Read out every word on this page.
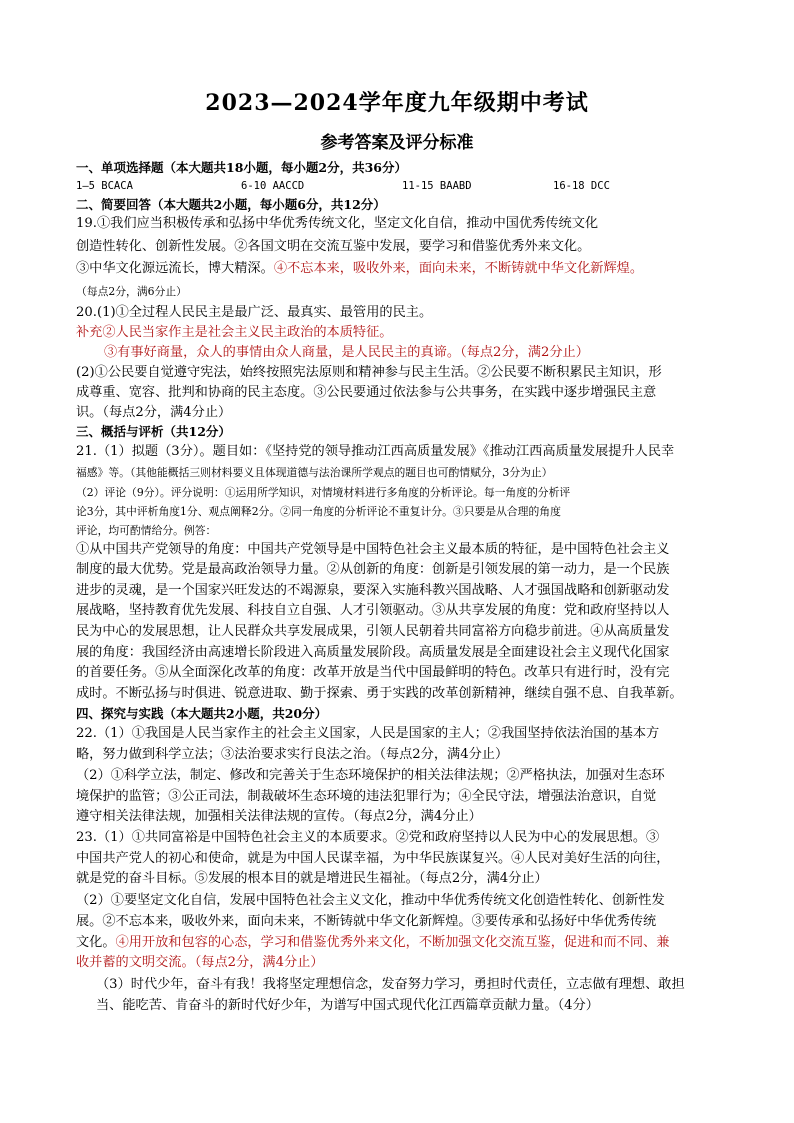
2023—2024学年度九年级期中考试
参考答案及评分标准
一、单项选择题（本大题共18小题，每小题2分，共36分）
1—5 BCACA	6-10 AACCD	11-15 BAABD	16-18 DCC
二、简要回答（本大题共2小题，每小题6分，共12分）
19.①我们应当积极传承和弘扬中华优秀传统文化，坚定文化自信，推动中国优秀传统文化
创造性转化、创新性发展。②各国文明在交流互鉴中发展，要学习和借鉴优秀外来文化。
③中华文化源远流长，博大精深。④不忘本来，吸收外来，面向未来，不断铸就中华文化新辉煌。
（每点2分，满6分止）
20.(1)①全过程人民民主是最广泛、最真实、最管用的民主。
补充②人民当家作主是社会主义民主政治的本质特征。
③有事好商量，众人的事情由众人商量，是人民民主的真谛。（每点2分，满2分止）
(2)①公民要自觉遵守宪法，始终按照宪法原则和精神参与民主生活。②公民要不断积累民主知识，形
成尊重、宽容、批判和协商的民主态度。③公民要通过依法参与公共事务，在实践中逐步增强民主意
识。（每点2分，满4分止）
三、概括与评析（共12分）
21.（1）拟题（3分）。题目如：《坚持党的领导推动江西高质量发展》《推动江西高质量发展提升人民幸
福感》等。（其他能概括三则材料要义且体现道德与法治课所学观点的题目也可酌情赋分，3分为止）
（2）评论（9分）。评分说明：①运用所学知识，对情境材料进行多角度的分析评论。每一角度的分析评
论3分，其中评析角度1分、观点阐释2分。②同一角度的分析评论不重复计分。③只要是从合理的角度
评论，均可酌情给分。例答：
①从中国共产党领导的角度：中国共产党领导是中国特色社会主义最本质的特征，是中国特色社会主义
制度的最大优势。党是最高政治领导力量。②从创新的角度：创新是引领发展的第一动力，是一个民族
进步的灵魂，是一个国家兴旺发达的不竭源泉，要深入实施科教兴国战略、人才强国战略和创新驱动发
展战略，坚持教育优先发展、科技自立自强、人才引领驱动。③从共享发展的角度：党和政府坚持以人
民为中心的发展思想，让人民群众共享发展成果，引领人民朝着共同富裕方向稳步前进。④从高质量发
展的角度：我国经济由高速增长阶段进入高质量发展阶段。高质量发展是全面建设社会主义现代化国家
的首要任务。⑤从全面深化改革的角度：改革开放是当代中国最鲜明的特色。改革只有进行时，没有完
成时。不断弘扬与时俱进、锐意进取、勤于探索、勇于实践的改革创新精神，继续自强不息、自我革新。
四、探究与实践（本大题共2小题，共20分）
22.（1）①我国是人民当家作主的社会主义国家，人民是国家的主人；②我国坚持依法治国的基本方
略，努力做到科学立法；③法治要求实行良法之治。（每点2分，满4分止）
（2）①科学立法，制定、修改和完善关于生态环境保护的相关法律法规；②严格执法，加强对生态环
境保护的监管；③公正司法，制裁破坏生态环境的违法犯罪行为；④全民守法，增强法治意识，自觉
遵守相关法律法规，加强相关法律法规的宣传。（每点2分，满4分止）
23.（1）①共同富裕是中国特色社会主义的本质要求。②党和政府坚持以人民为中心的发展思想。③
中国共产党人的初心和使命，就是为中国人民谋幸福，为中华民族谋复兴。④人民对美好生活的向往，
就是党的奋斗目标。⑤发展的根本目的就是增进民生福祉。（每点2分，满4分止）
（2）①要坚定文化自信，发展中国特色社会主义文化，推动中华优秀传统文化创造性转化、创新性发
展。②不忘本来，吸收外来，面向未来，不断铸就中华文化新辉煌。③要传承和弘扬好中华优秀传统
文化。④用开放和包容的心态，学习和借鉴优秀外来文化，不断加强文化交流互鉴，促进和而不同、兼
收并蓄的文明交流。（每点2分，满4分止）
（3）时代少年，奋斗有我！我将坚定理想信念，发奋努力学习，勇担时代责任，立志做有理想、敢担
当、能吃苦、肯奋斗的新时代好少年，为谱写中国式现代化江西篇章贡献力量。（4分）
